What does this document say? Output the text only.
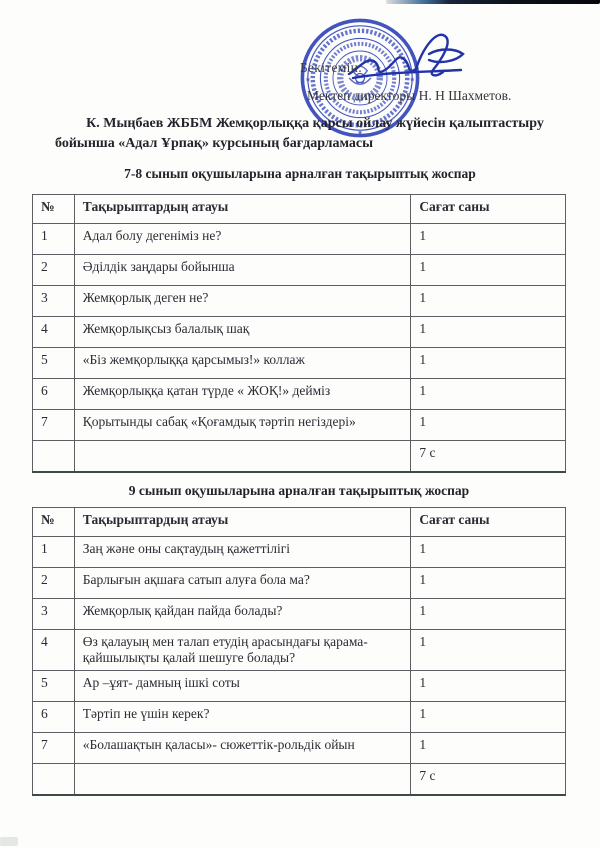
★
★	★
Бекітемін:
Мектеп директоры Н. Н Шахметов.
К. Мыңбаев ЖББМ Жемқорлыққа қарсы ойлау жүйесін қалыптастыру
бойынша «Адал Ұрпақ» курсының бағдарламасы
7-8 сынып оқушыларына арналған тақырыптық жоспар
№	Тақырыптардың атауы	Сағат саны
1	Адал болу дегеніміз не?	1
2	Әділдік заңдары бойынша	1
3	Жемқорлық деген не?	1
4	Жемқорлықсыз балалық шақ	1
5	«Біз жемқорлыққа қарсымыз!» коллаж	1
6	Жемқорлыққа қатан түрде « ЖОҚ!» дейміз	1
7	Қорытынды сабақ «Қоғамдық тәртіп негіздері»	1
		7 с
9 сынып оқушыларына арналған тақырыптық жоспар
№	Тақырыптардың атауы	Сағат саны
1	Заң және оны сақтаудың қажеттілігі	1
2	Барлығын ақшаға сатып алуға бола ма?	1
3	Жемқорлық қайдан пайда болады?	1
4	Өз қалауың мен талап етудің арасындағы қарама-қайшылықты қалай шешуге болады?	1
5	Ар –ұят- дамның ішкі соты	1
6	Тәртіп не үшін керек?	1
7	«Болашақтын қаласы»- сюжеттік-рольдік ойын	1
		7 с
